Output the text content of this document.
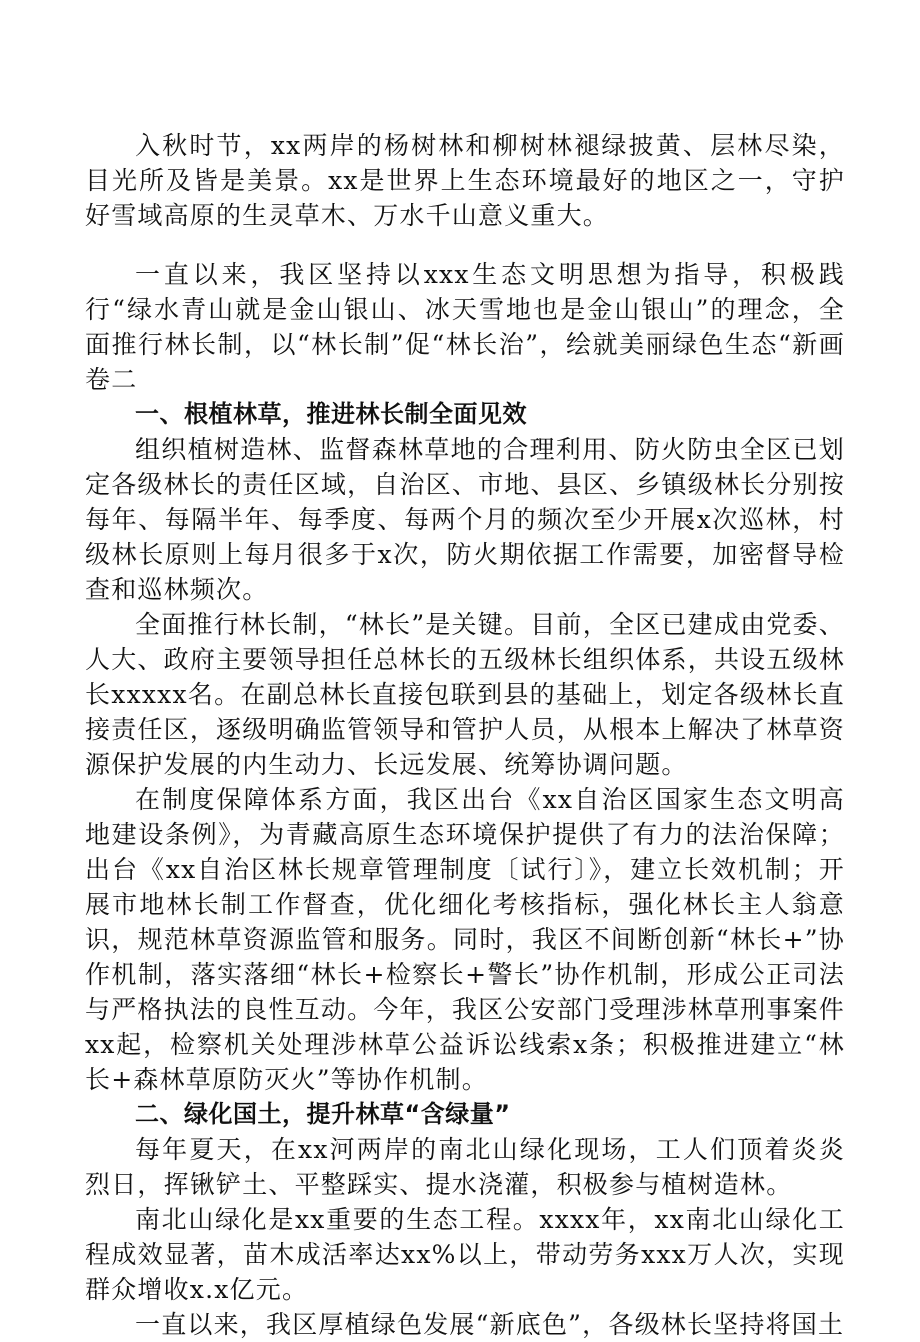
入秋时节，xx两岸的杨树林和柳树林褪绿披黄、层林尽染，目光所及皆是美景。xx是世界上生态环境最好的地区之一，守护好雪域高原的生灵草木、万水千山意义重大。

一直以来，我区坚持以xxx生态文明思想为指导，积极践行“绿水青山就是金山银山、冰天雪地也是金山银山”的理念，全面推行林长制，以“林长制”促“林长治”，绘就美丽绿色生态“新画卷二

一、根植林草，推进林长制全面见效

组织植树造林、监督森林草地的合理利用、防火防虫全区已划定各级林长的责任区域，自治区、市地、县区、乡镇级林长分别按每年、每隔半年、每季度、每两个月的频次至少开展x次巡林，村级林长原则上每月很多于x次，防火期依据工作需要，加密督导检查和巡林频次。

全面推行林长制，“林长”是关键。目前，全区已建成由党委、人大、政府主要领导担任总林长的五级林长组织体系，共设五级林长xxxxx名。在副总林长直接包联到县的基础上，划定各级林长直接责任区，逐级明确监管领导和管护人员，从根本上解决了林草资源保护发展的内生动力、长远发展、统筹协调问题。

在制度保障体系方面，我区出台《xx自治区国家生态文明高地建设条例》，为青藏高原生态环境保护提供了有力的法治保障；出台《xx自治区林长规章管理制度〔试行〕》，建立长效机制；开展市地林长制工作督查，优化细化考核指标，强化林长主人翁意识，规范林草资源监管和服务。同时，我区不间断创新“林长+”协作机制，落实落细“林长+检察长+警长”协作机制，形成公正司法与严格执法的良性互动。今年，我区公安部门受理涉林草刑事案件xx起，检察机关处理涉林草公益诉讼线索x条；积极推进建立“林长+森林草原防灭火”等协作机制。

二、绿化国土，提升林草“含绿量”

每年夏天，在xx河两岸的南北山绿化现场，工人们顶着炎炎烈日，挥锹铲土、平整踩实、提水浇灌，积极参与植树造林。

南北山绿化是xx重要的生态工程。xxxx年，xx南北山绿化工程成效显著，苗木成活率达xx%以上，带动劳务xxx万人次，实现群众增收x.x亿元。

一直以来，我区厚植绿色发展“新底色”，各级林长坚持将国土
